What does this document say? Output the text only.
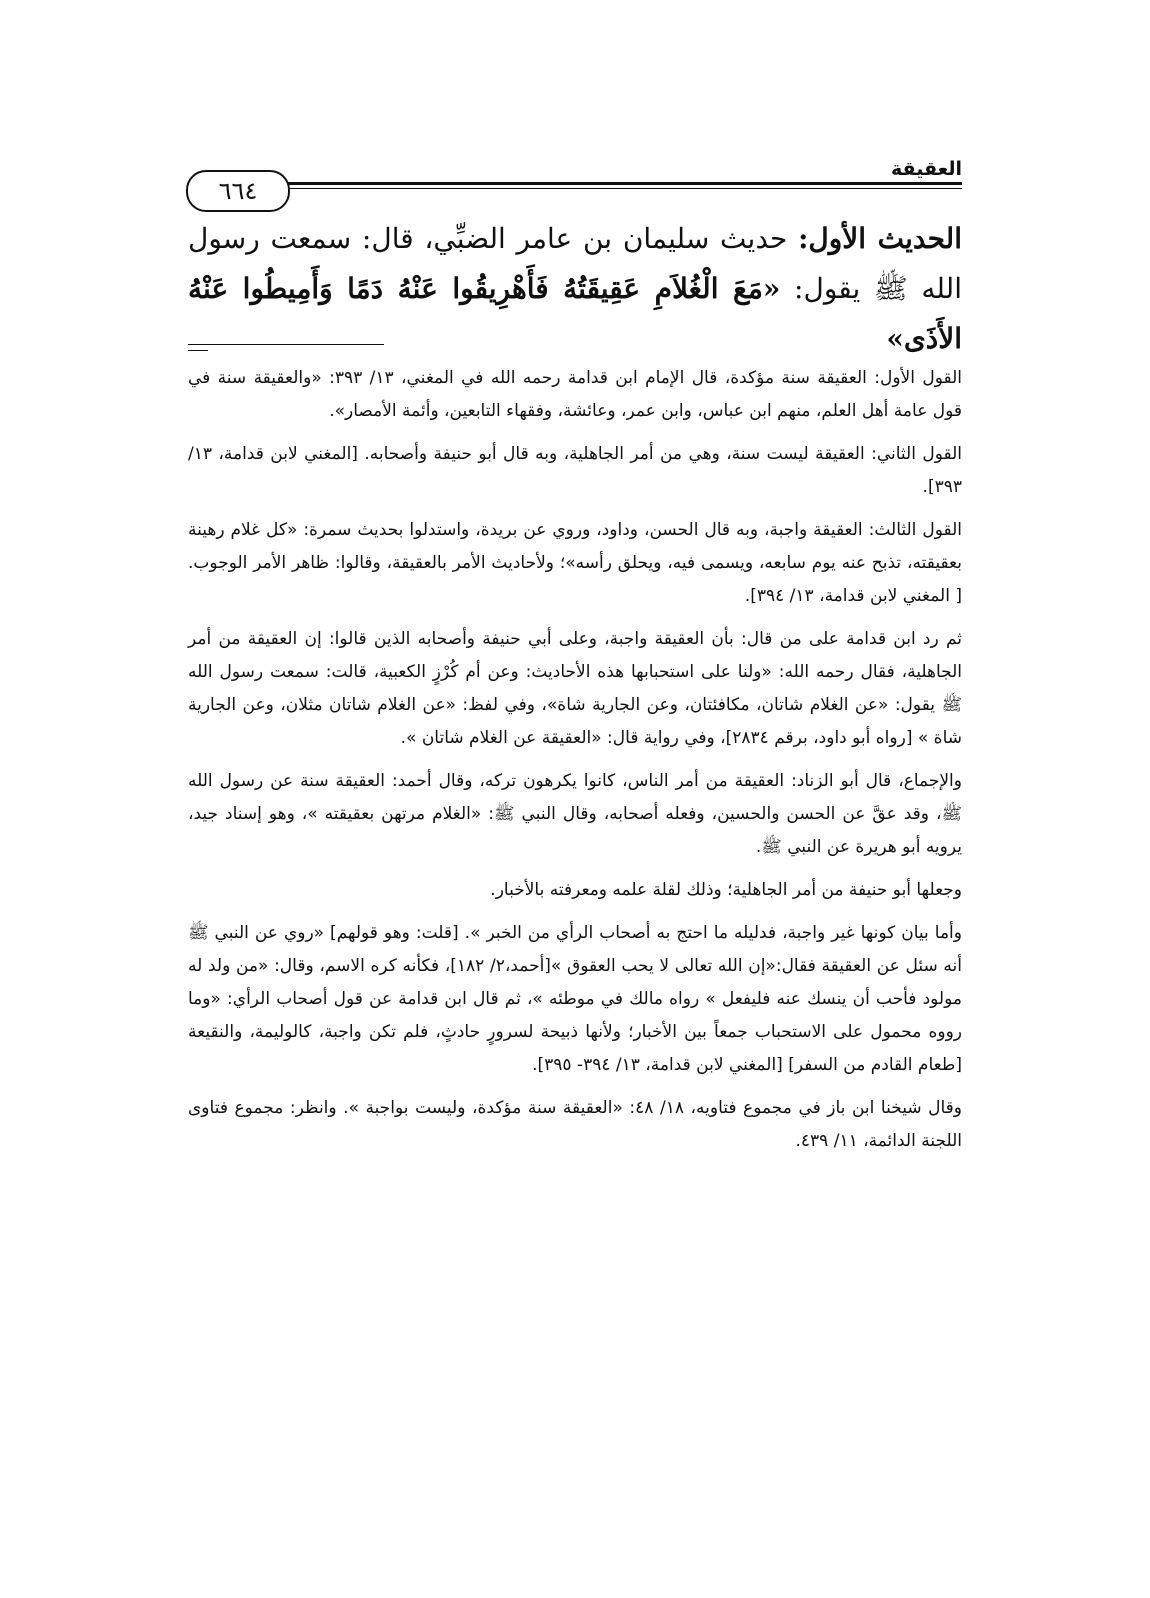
العقيقة
٦٦٤
الحديث الأول: حديث سليمان بن عامر الضبِّي، قال: سمعت رسول الله ﷺ يقول: «مَعَ الْغُلاَمِ عَقِيقَتُهُ فَأَهْرِيقُوا عَنْهُ دَمًا وَأَمِيطُوا عَنْهُ الأَذَى»

القول الأول: العقيقة سنة مؤكدة، قال الإمام ابن قدامة رحمه الله في المغني، ١٣/ ٣٩٣: «والعقيقة سنة في قول عامة أهل العلم، منهم ابن عباس، وابن عمر، وعائشة، وفقهاء التابعين، وأئمة الأمصار».

القول الثاني: العقيقة ليست سنة، وهي من أمر الجاهلية، وبه قال أبو حنيفة وأصحابه. [المغني لابن قدامة، ١٣/ ٣٩٣].

القول الثالث: العقيقة واجبة، وبه قال الحسن، وداود، وروي عن بريدة، واستدلوا بحديث سمرة: «كل غلام رهينة بعقيقته، تذبح عنه يوم سابعه، ويسمى فيه، ويحلق رأسه»؛ ولأحاديث الأمر بالعقيقة، وقالوا: ظاهر الأمر الوجوب. [ المغني لابن قدامة، ١٣/ ٣٩٤].

ثم رد ابن قدامة على من قال: بأن العقيقة واجبة، وعلى أبي حنيفة وأصحابه الذين قالوا: إن العقيقة من أمر الجاهلية، فقال رحمه الله: «ولنا على استحبابها هذه الأحاديث: وعن أم كُرْزٍ الكعبية، قالت: سمعت رسول الله ﷺ يقول: «عن الغلام شاتان، مكافئتان، وعن الجارية شاة»، وفي لفظ: «عن الغلام شاتان مثلان، وعن الجارية شاة » [رواه أبو داود، برقم ٢٨٣٤]، وفي رواية قال: «العقيقة عن الغلام شاتان ».

والإجماع، قال أبو الزناد: العقيقة من أمر الناس، كانوا يكرهون تركه، وقال أحمد: العقيقة سنة عن رسول الله ﷺ، وقد عقَّ عن الحسن والحسين، وفعله أصحابه، وقال النبي ﷺ: «الغلام مرتهن بعقيقته »، وهو إسناد جيد، يرويه أبو هريرة عن النبي ﷺ.

وجعلها أبو حنيفة من أمر الجاهلية؛ وذلك لقلة علمه ومعرفته بالأخبار.

وأما بيان كونها غير واجبة، فدليله ما احتج به أصحاب الرأي من الخبر ». [قلت: وهو قولهم] «روي عن النبي ﷺ أنه سئل عن العقيقة فقال:«إن الله تعالى لا يحب العقوق »[أحمد،٢/ ١٨٢]، فكأنه كره الاسم، وقال: «من ولد له مولود فأحب أن ينسك عنه فليفعل » رواه مالك في موطئه »، ثم قال ابن قدامة عن قول أصحاب الرأي: «وما رووه محمول على الاستحباب جمعاً بين الأخبار؛ ولأنها ذبيحة لسرورٍ حادثٍ، فلم تكن واجبة، كالوليمة، والنقيعة [طعام القادم من السفر] [المغني لابن قدامة، ١٣/ ٣٩٤- ٣٩٥].

وقال شيخنا ابن باز في مجموع فتاويه، ١٨/ ٤٨: «العقيقة سنة مؤكدة، وليست بواجبة ». وانظر: مجموع فتاوى اللجنة الدائمة، ١١/ ٤٣٩.
